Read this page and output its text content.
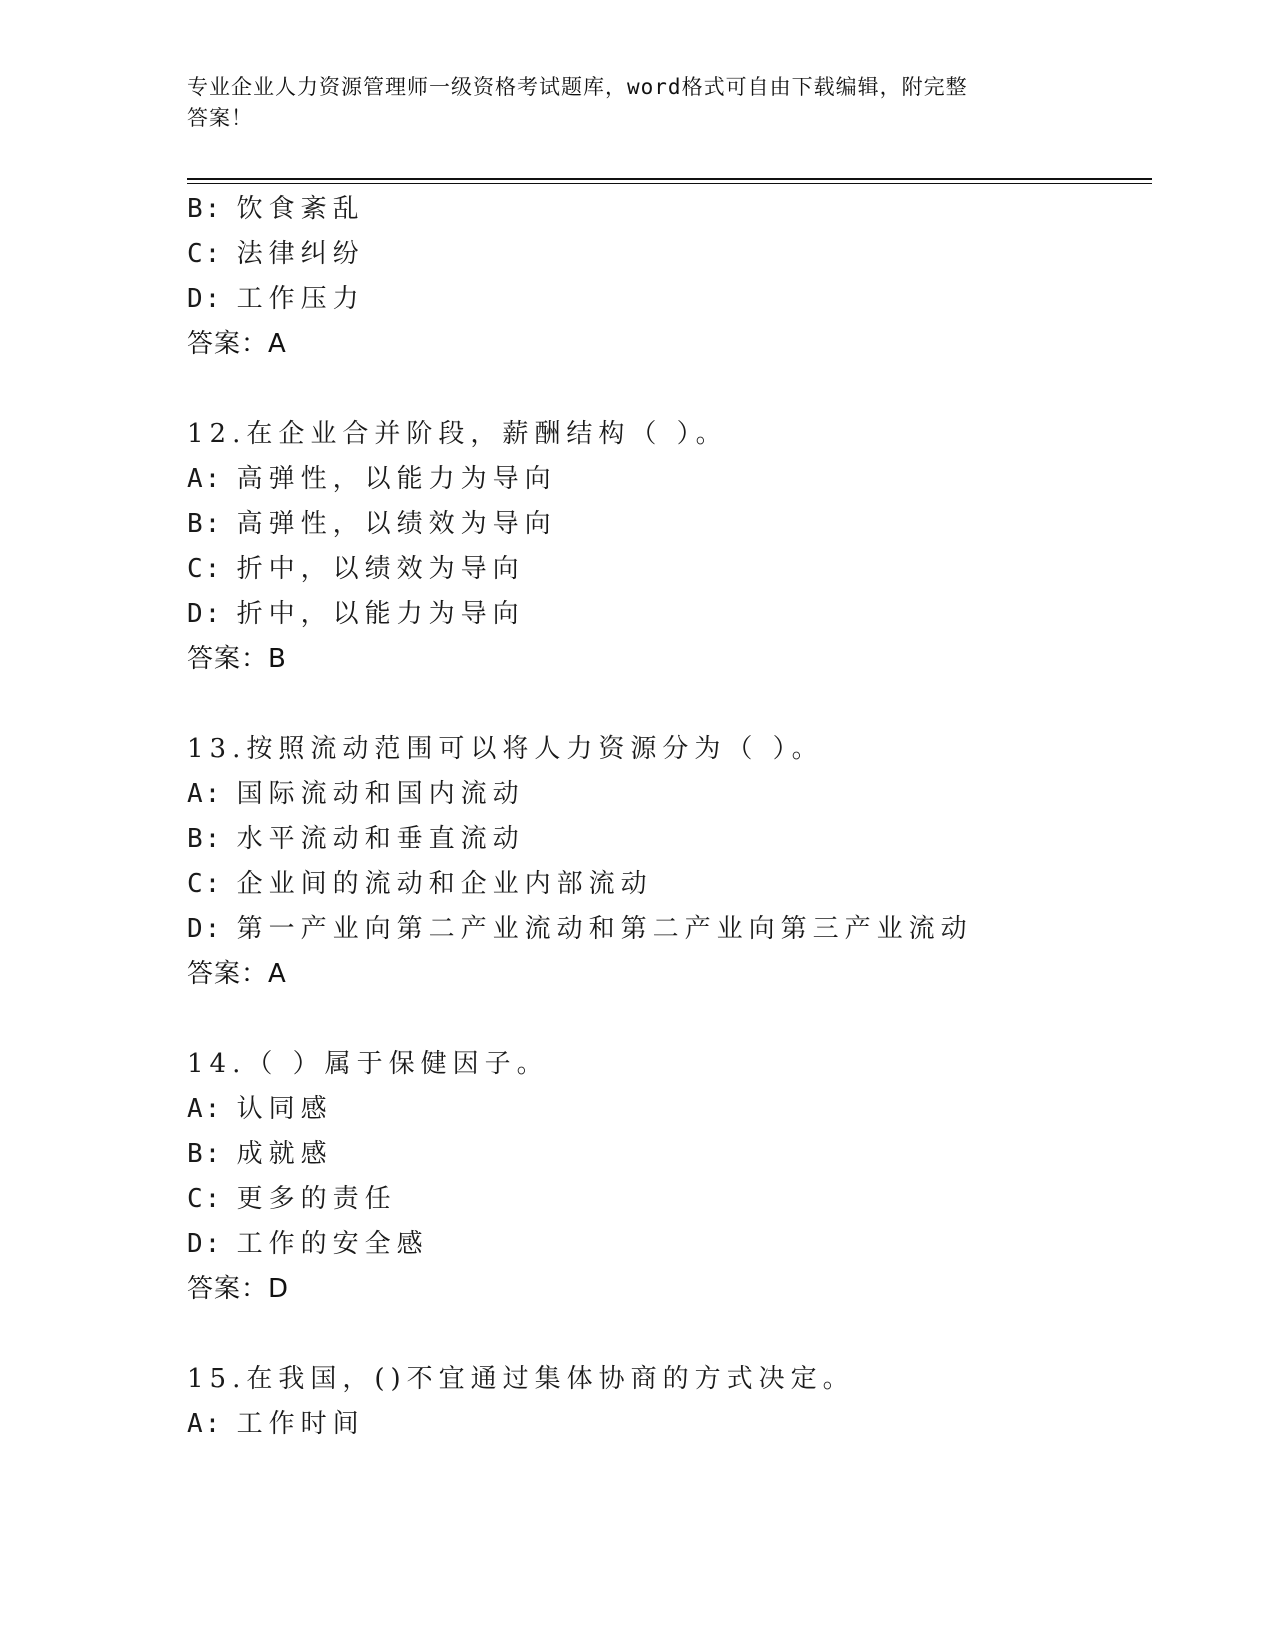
专业企业人力资源管理师一级资格考试题库，word格式可自由下载编辑，附完整
答案！
B: 饮食紊乱
C: 法律纠纷
D: 工作压力
答案：A
12.在企业合并阶段，薪酬结构（ ）。
A: 高弹性，以能力为导向
B: 高弹性，以绩效为导向
C: 折中，以绩效为导向
D: 折中，以能力为导向
答案：B
13.按照流动范围可以将人力资源分为（ ）。
A: 国际流动和国内流动
B: 水平流动和垂直流动
C: 企业间的流动和企业内部流动
D: 第一产业向第二产业流动和第二产业向第三产业流动
答案：A
14.（ ）属于保健因子。
A: 认同感
B: 成就感
C: 更多的责任
D: 工作的安全感
答案：D
15.在我国，()不宜通过集体协商的方式决定。
A: 工作时间
